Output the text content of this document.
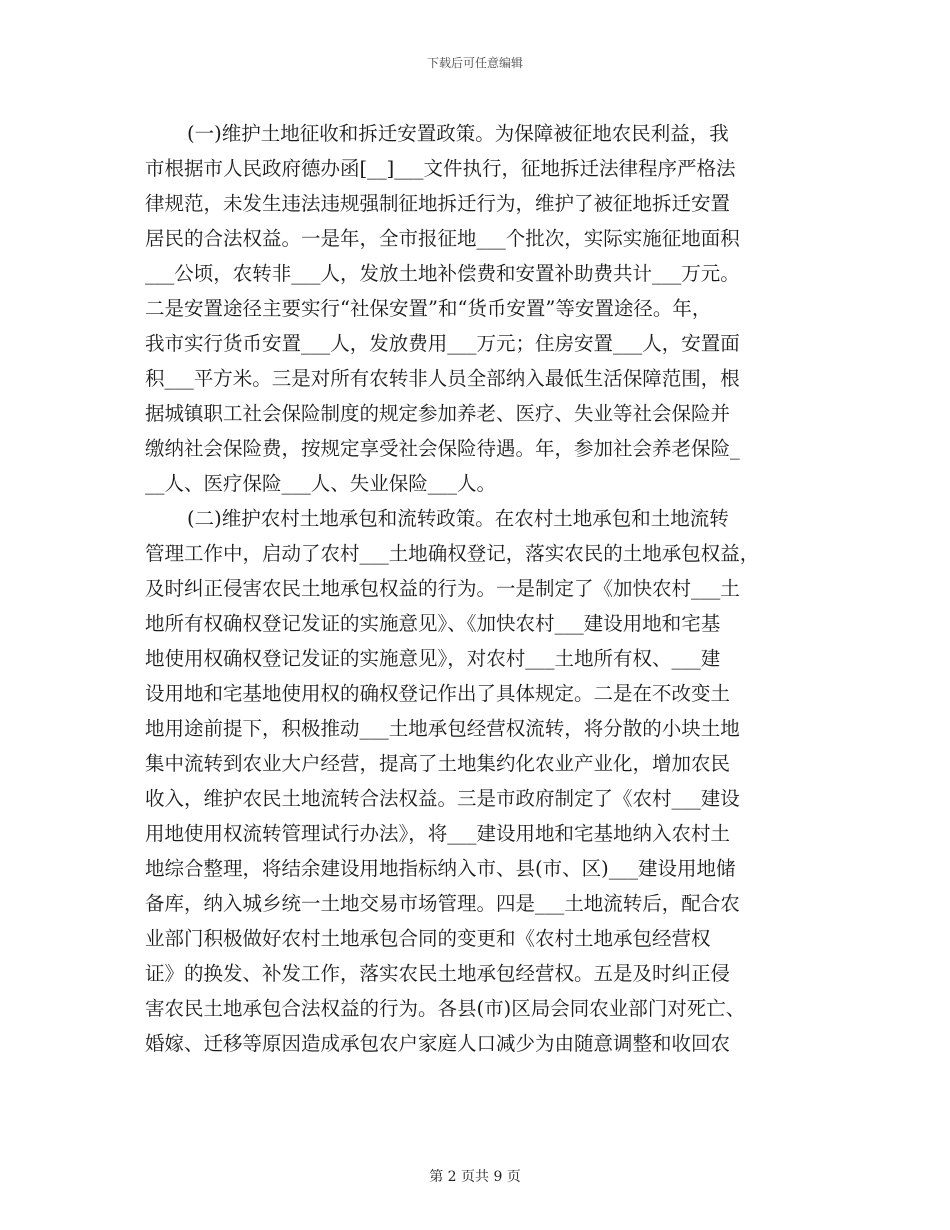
下载后可任意编辑
(一)维护土地征收和拆迁安置政策。为保障被征地农民利益，我
市根据市人民政府德办函[__]___文件执行，征地拆迁法律程序严格法
律规范，未发生违法违规强制征地拆迁行为，维护了被征地拆迁安置
居民的合法权益。一是年，全市报征地___个批次，实际实施征地面积
___公顷，农转非___人，发放土地补偿费和安置补助费共计___万元。
二是安置途径主要实行“社保安置”和“货币安置”等安置途径。年，
我市实行货币安置___人，发放费用___万元；住房安置___人，安置面
积___平方米。三是对所有农转非人员全部纳入最低生活保障范围，根
据城镇职工社会保险制度的规定参加养老、医疗、失业等社会保险并
缴纳社会保险费，按规定享受社会保险待遇。年，参加社会养老保险_
__人、医疗保险___人、失业保险___人。
(二)维护农村土地承包和流转政策。在农村土地承包和土地流转
管理工作中，启动了农村___土地确权登记，落实农民的土地承包权益，
及时纠正侵害农民土地承包权益的行为。一是制定了《加快农村___土
地所有权确权登记发证的实施意见》、《加快农村___建设用地和宅基
地使用权确权登记发证的实施意见》，对农村___土地所有权、___建
设用地和宅基地使用权的确权登记作出了具体规定。二是在不改变土
地用途前提下，积极推动___土地承包经营权流转，将分散的小块土地
集中流转到农业大户经营，提高了土地集约化农业产业化，增加农民
收入，维护农民土地流转合法权益。三是市政府制定了《农村___建设
用地使用权流转管理试行办法》，将___建设用地和宅基地纳入农村土
地综合整理，将结余建设用地指标纳入市、县(市、区)___建设用地储
备库，纳入城乡统一土地交易市场管理。四是___土地流转后，配合农
业部门积极做好农村土地承包合同的变更和《农村土地承包经营权
证》的换发、补发工作，落实农民土地承包经营权。五是及时纠正侵
害农民土地承包合法权益的行为。各县(市)区局会同农业部门对死亡、
婚嫁、迁移等原因造成承包农户家庭人口减少为由随意调整和收回农
第 2 页共 9 页
